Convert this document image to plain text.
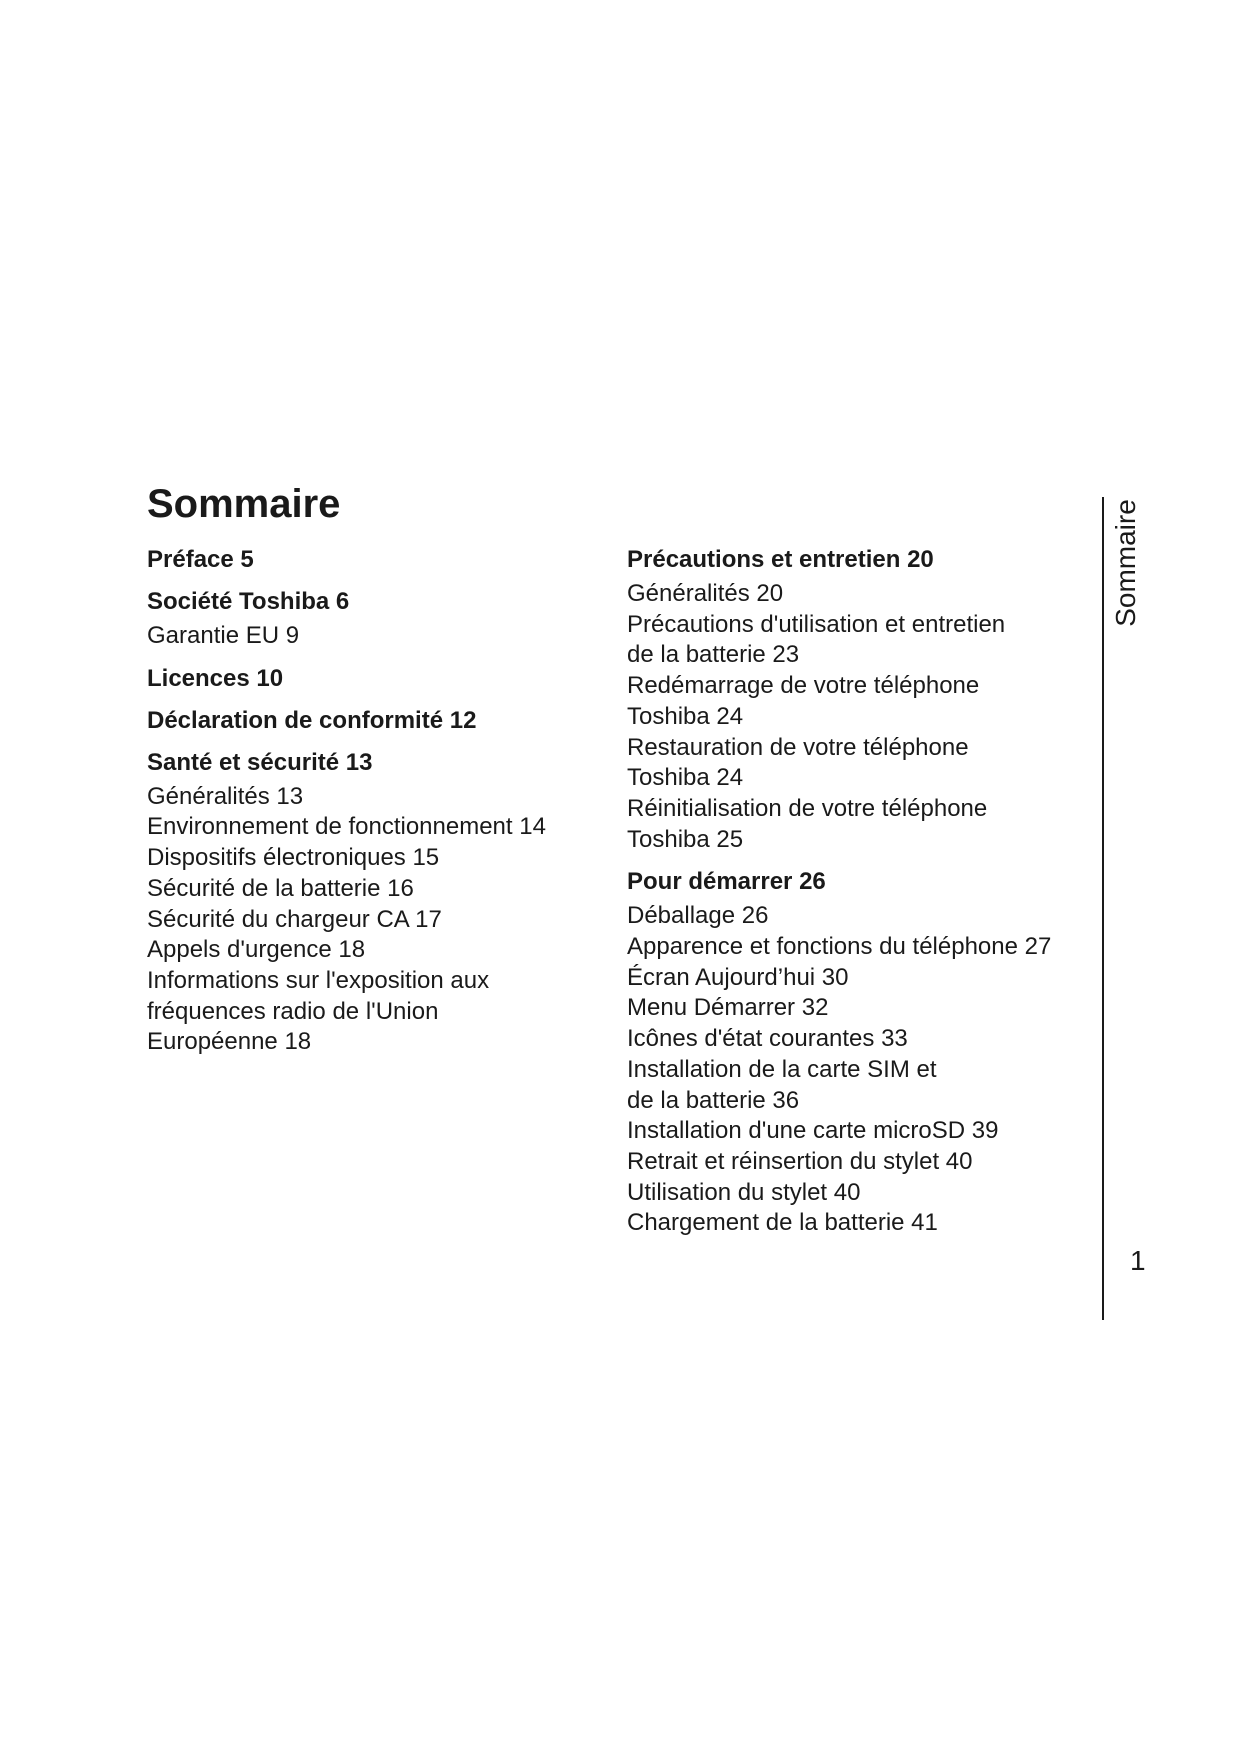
Sommaire
Préface 5
Société Toshiba 6
Garantie EU 9
Licences 10
Déclaration de conformité 12
Santé et sécurité 13
Généralités 13
Environnement de fonctionnement 14
Dispositifs électroniques 15
Sécurité de la batterie 16
Sécurité du chargeur CA 17
Appels d'urgence 18
Informations sur l'exposition aux
fréquences radio de l'Union
Européenne 18
Précautions et entretien 20
Généralités 20
Précautions d'utilisation et entretien
de la batterie 23
Redémarrage de votre téléphone
Toshiba 24
Restauration de votre téléphone
Toshiba 24
Réinitialisation de votre téléphone
Toshiba 25
Pour démarrer 26
Déballage 26
Apparence et fonctions du téléphone 27
Écran Aujourd’hui 30
Menu Démarrer 32
Icônes d'état courantes 33
Installation de la carte SIM et
de la batterie 36
Installation d'une carte microSD 39
Retrait et réinsertion du stylet 40
Utilisation du stylet 40
Chargement de la batterie 41
Sommaire
1
